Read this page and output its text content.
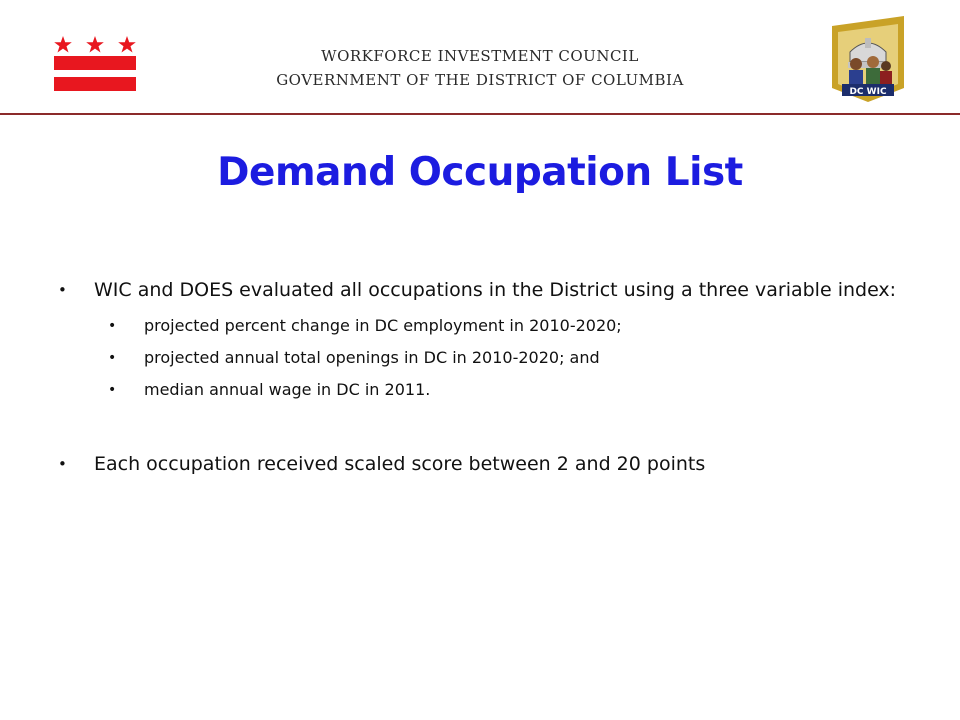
WORKFORCE INVESTMENT COUNCIL
GOVERNMENT OF THE DISTRICT OF COLUMBIA
DC WIC
Demand Occupation List
• WIC and DOES evaluated all occupations in the District using a three variable index:
• projected percent change in DC employment in 2010-2020;
• projected annual total openings in DC in 2010-2020; and
• median annual wage in DC in 2011.
• Each occupation received scaled score between 2 and 20 points
